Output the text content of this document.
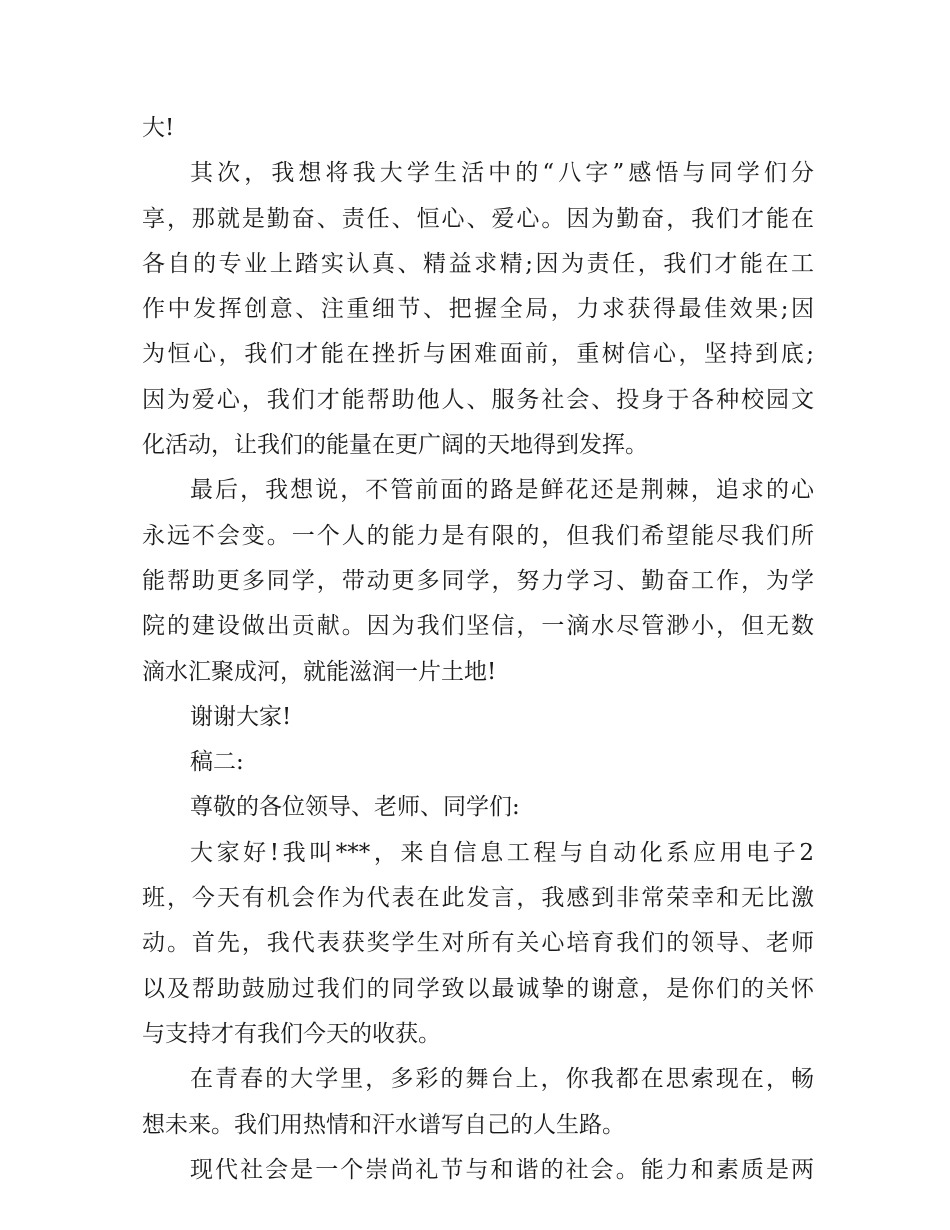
大!
其次，我想将我大学生活中的“八字”感悟与同学们分
享，那就是勤奋、责任、恒心、爱心。因为勤奋，我们才能在
各自的专业上踏实认真、精益求精;因为责任，我们才能在工
作中发挥创意、注重细节、把握全局，力求获得最佳效果;因
为恒心，我们才能在挫折与困难面前，重树信心，坚持到底;
因为爱心，我们才能帮助他人、服务社会、投身于各种校园文
化活动，让我们的能量在更广阔的天地得到发挥。
最后，我想说，不管前面的路是鲜花还是荆棘，追求的心
永远不会变。一个人的能力是有限的，但我们希望能尽我们所
能帮助更多同学，带动更多同学，努力学习、勤奋工作，为学
院的建设做出贡献。因为我们坚信，一滴水尽管渺小，但无数
滴水汇聚成河，就能滋润一片土地!
谢谢大家!
稿二:
尊敬的各位领导、老师、同学们:
大家好!我叫***，来自信息工程与自动化系应用电子2
班，今天有机会作为代表在此发言，我感到非常荣幸和无比激
动。首先，我代表获奖学生对所有关心培育我们的领导、老师
以及帮助鼓励过我们的同学致以最诚挚的谢意，是你们的关怀
与支持才有我们今天的收获。
在青春的大学里，多彩的舞台上，你我都在思索现在，畅
想未来。我们用热情和汗水谱写自己的人生路。
现代社会是一个崇尚礼节与和谐的社会。能力和素质是两
